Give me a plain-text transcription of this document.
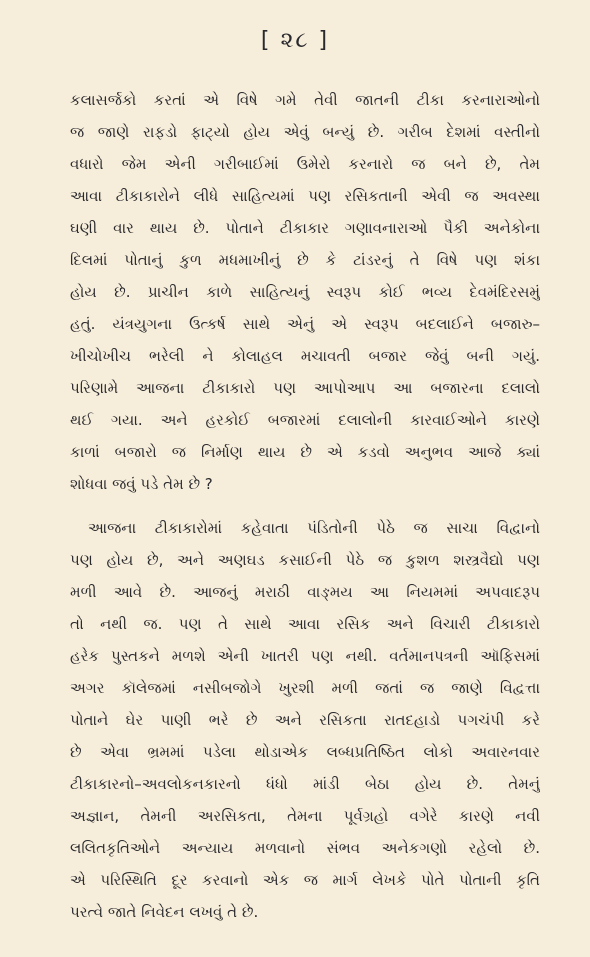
[ ૨૮ ]
કલાસર્જકો કરતાં એ વિષે ગમે તેવી જાતની ટીકા કરનારાઓનો
જ જાણે રાફડો ફાટ્યો હોય એવું બન્યું છે. ગરીબ દેશમાં વસ્તીનો
વધારો જેમ એની ગરીબાઈમાં ઉમેરો કરનારો જ બને છે, તેમ
આવા ટીકાકારોને લીધે સાહિત્યમાં પણ રસિકતાની એવી જ અવસ્થા
ઘણી વાર થાય છે. પોતાને ટીકાકાર ગણાવનારાઓ પૈકી અનેકોના
દિલમાં પોતાનું કુળ મધમાખીનું છે કે ટાંડરનું તે વિષે પણ શંકા
હોય છે. પ્રાચીન કાળે સાહિત્યનું સ્વરૂપ કોઈ ભવ્ય દેવમંદિરસમું
હતું. યંત્રયુગના ઉત્કર્ષ સાથે એનું એ સ્વરૂપ બદલાઈને બજારુ–
ખીચોખીચ ભરેલી ને કોલાહલ મચાવતી બજાર જેવું બની ગયું.
પરિણામે આજના ટીકાકારો પણ આપોઆપ આ બજારના દલાલો
થઈ ગયા. અને હરકોઈ બજારમાં દલાલોની કારવાઈઓને કારણે
કાળાં બજારો જ નિર્માણ થાય છે એ કડવો અનુભવ આજે ક્યાં
શોધવા જવું પડે તેમ છે ?
આજના ટીકાકારોમાં કહેવાતા પંડિતોની પેઠે જ સાચા વિદ્વાનો
પણ હોય છે, અને અણઘડ કસાઈની પેઠે જ કુશળ શસ્ત્રવૈદ્યો પણ
મળી આવે છે. આજનું મરાઠી વાઙ્મય આ નિયમમાં અપવાદરૂપ
તો નથી જ. પણ તે સાથે આવા રસિક અને વિચારી ટીકાકારો
હરેક પુસ્તકને મળશે એની ખાતરી પણ નથી. વર્તમાનપત્રની ઑફિસમાં
અગર કૉલેજમાં નસીબજોગે ખુરશી મળી જતાં જ જાણે વિદ્વત્તા
પોતાને ઘેર પાણી ભરે છે અને રસિકતા રાતદહાડો પગચંપી કરે
છે એવા ભ્રમમાં પડેલા થોડાએક લબ્ધપ્રતિષ્ઠિત લોકો અવારનવાર
ટીકાકારનો–અવલોકનકારનો ધંધો માંડી બેઠા હોય છે. તેમનું
અજ્ઞાન, તેમની અરસિકતા, તેમના પૂર્વગ્રહો વગેરે કારણે નવી
લલિતકૃતિઓને અન્યાય મળવાનો સંભવ અનેકગણો રહેલો છે.
એ પરિસ્થિતિ દૂર કરવાનો એક જ માર્ગ લેખકે પોતે પોતાની કૃતિ
પરત્વે જાતે નિવેદન લખવું તે છે.
